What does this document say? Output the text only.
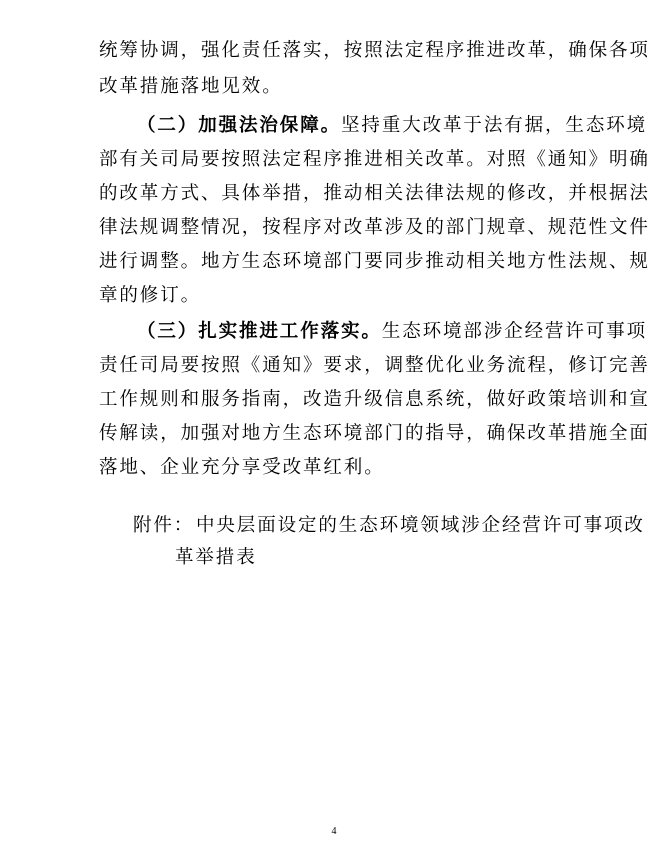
统筹协调，强化责任落实，按照法定程序推进改革，确保各项
改革措施落地见效。
（二）加强法治保障。坚持重大改革于法有据，生态环境
部有关司局要按照法定程序推进相关改革。对照《通知》明确
的改革方式、具体举措，推动相关法律法规的修改，并根据法
律法规调整情况，按程序对改革涉及的部门规章、规范性文件
进行调整。地方生态环境部门要同步推动相关地方性法规、规
章的修订。
（三）扎实推进工作落实。生态环境部涉企经营许可事项
责任司局要按照《通知》要求，调整优化业务流程，修订完善
工作规则和服务指南，改造升级信息系统，做好政策培训和宣
传解读，加强对地方生态环境部门的指导，确保改革措施全面
落地、企业充分享受改革红利。
附件： 中央层面设定的生态环境领域涉企经营许可事项改
革举措表
4
